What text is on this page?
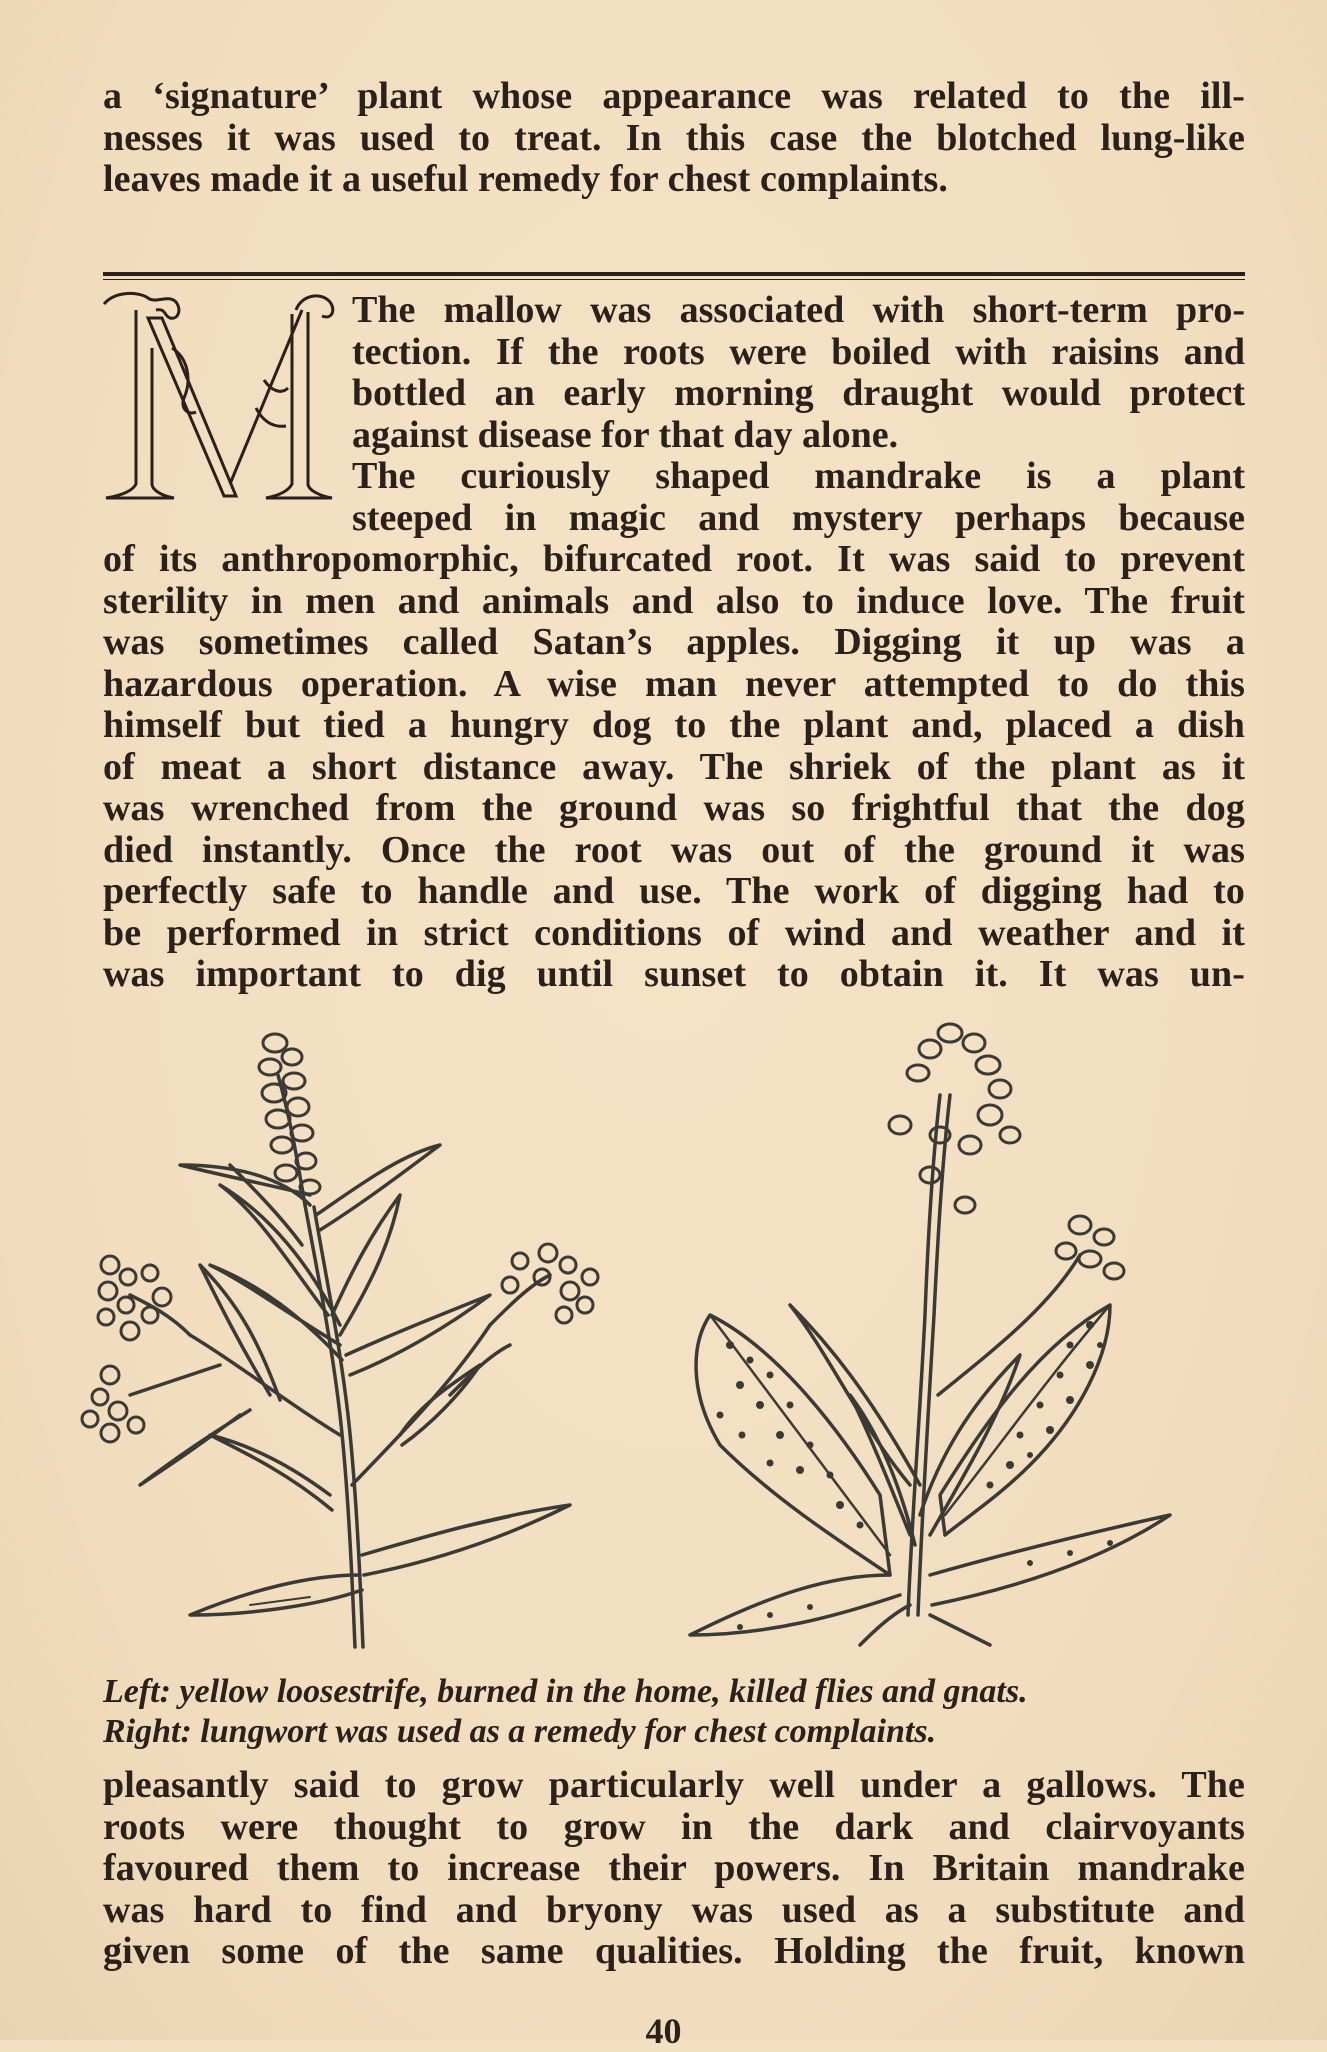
a ‘signature’ plant whose appearance was related to the ill-
nesses it was used to treat. In this case the blotched lung-like
leaves made it a useful remedy for chest complaints.
The mallow was associated with short-term pro-
tection. If the roots were boiled with raisins and
bottled an early morning draught would protect
against disease for that day alone.
The curiously shaped mandrake is a plant
steeped in magic and mystery perhaps because
of its anthropomorphic, bifurcated root. It was said to prevent
sterility in men and animals and also to induce love. The fruit
was sometimes called Satan’s apples. Digging it up was a
hazardous operation. A wise man never attempted to do this
himself but tied a hungry dog to the plant and, placed a dish
of meat a short distance away. The shriek of the plant as it
was wrenched from the ground was so frightful that the dog
died instantly. Once the root was out of the ground it was
perfectly safe to handle and use. The work of digging had to
be performed in strict conditions of wind and weather and it
was important to dig until sunset to obtain it. It was un-
Left: yellow loosestrife, burned in the home, killed flies and gnats.
Right: lungwort was used as a remedy for chest complaints.
pleasantly said to grow particularly well under a gallows. The
roots were thought to grow in the dark and clairvoyants
favoured them to increase their powers. In Britain mandrake
was hard to find and bryony was used as a substitute and
given some of the same qualities. Holding the fruit, known
40
